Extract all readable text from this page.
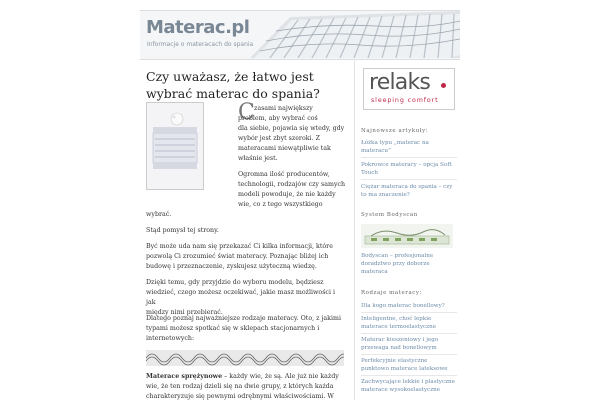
Materac.pl
Informacje o materacach do spania
Czy uważasz, że łatwo jest wybrać materac do spania?
C zasami największy
problem, aby wybrać coś
dla siebie, pojawia się wtedy, gdy
wybór jest zbyt szeroki. Z
materacami niewątpliwie tak
właśnie jest.
Ogromna ilość producentów,
technologii, rodzajów czy samych
modeli powoduje, że nie każdy
wie, co z tego wszystkiego
wybrać.
Stąd pomysł tej strony.
Być może uda nam się przekazać Ci kilka informacji, które
pozwolą Ci zrozumieć świat materacy. Poznając bliżej ich
budowę i przeznaczenie, zyskujesz użyteczną wiedzę.
Dzięki temu, gdy przyjdzie do wyboru modelu, będziesz
wiedzieć, czego możesz oczekiwać, jakie masz możliwości i jak
między nimi przebierać.
Dlatego poznaj najważniejsze rodzaje materacy. Oto, z jakimi
typami możesz spotkać się w sklepach stacjonarnych i
internetowych:
Materace sprężynowe – każdy wie, że są. Ale już nie każdy
wie, że ten rodzaj dzieli się na dwie grupy, z których każda
charakteryzuje się pewnymi odrębnymi właściwościami. W
relaks
sleeping comfort
Najnowsze artykuły:
Łóżka typu „materac na
materacu”
Pokrowce materacy – opcja Soft
Touch
Ciężar materaca do spania – czy
to ma znaczenie?
System Bodyscan
Bodyscan – profesjonalne
doradztwo przy doborze
materaca
Rodzaje materacy:
Dla kogo materac bonellowy?
Inteligentne, choć lepkie
materace termoelastyczne
Materac kieszeniowy i jego
przewaga nad bonellowym
Perfekcyjnie elastyczne
punktowo materace lateksowe
Zachwycające lekkie i plastyczne
materace wysokoelastyczne
